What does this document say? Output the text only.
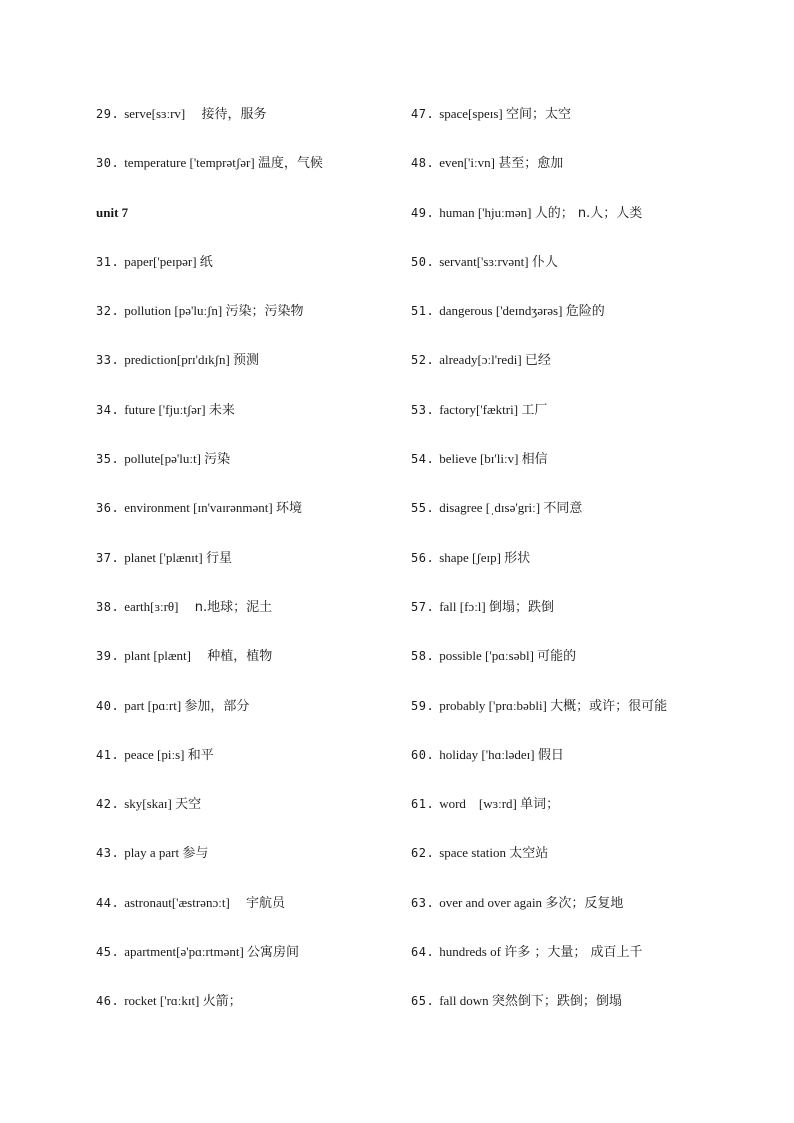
29. serve[sɜːrv] 　接待，服务
30. temperature ['temprətʃər] 温度，气候
unit 7
31. paper['peɪpər] 纸
32. pollution [pə'luːʃn] 污染；污染物
33. prediction[prɪ'dɪkʃn] 预测
34. future ['fjuːtʃər] 未来
35. pollute[pə'luːt] 污染
36. environment [ɪn'vaɪrənmənt] 环境
37. planet ['plænɪt] 行星
38. earth[ɜːrθ] 　n.地球；泥土
39. plant [plænt] 　种植，植物
40. part [pɑːrt] 参加，部分
41. peace [piːs] 和平
42. sky[skaɪ] 天空
43. play a part 参与
44. astronaut['æstrənɔːt] 　宇航员
45. apartment[ə'pɑːrtmənt] 公寓房间
46. rocket ['rɑːkɪt] 火箭；
47. space[speɪs] 空间；太空
48. even['iːvn] 甚至；愈加
49. human ['hjuːmən] 人的； n.人；人类
50. servant['sɜːrvənt] 仆人
51. dangerous ['deɪndʒərəs] 危险的
52. already[ɔːl'redi] 已经
53. factory['fæktri] 工厂
54. believe [bɪ'liːv] 相信
55. disagree [ˌdɪsə'griː] 不同意
56. shape [ʃeɪp] 形状
57. fall [fɔːl] 倒塌；跌倒
58. possible ['pɑːsəbl] 可能的
59. probably ['prɑːbəbli] 大概；或许；很可能
60. holiday ['hɑːlədeɪ] 假日
61. word　[wɜːrd] 单词；
62. space station 太空站
63. over and over again 多次；反复地
64. hundreds of 许多 ；大量； 成百上千
65. fall down 突然倒下；跌倒；倒塌
